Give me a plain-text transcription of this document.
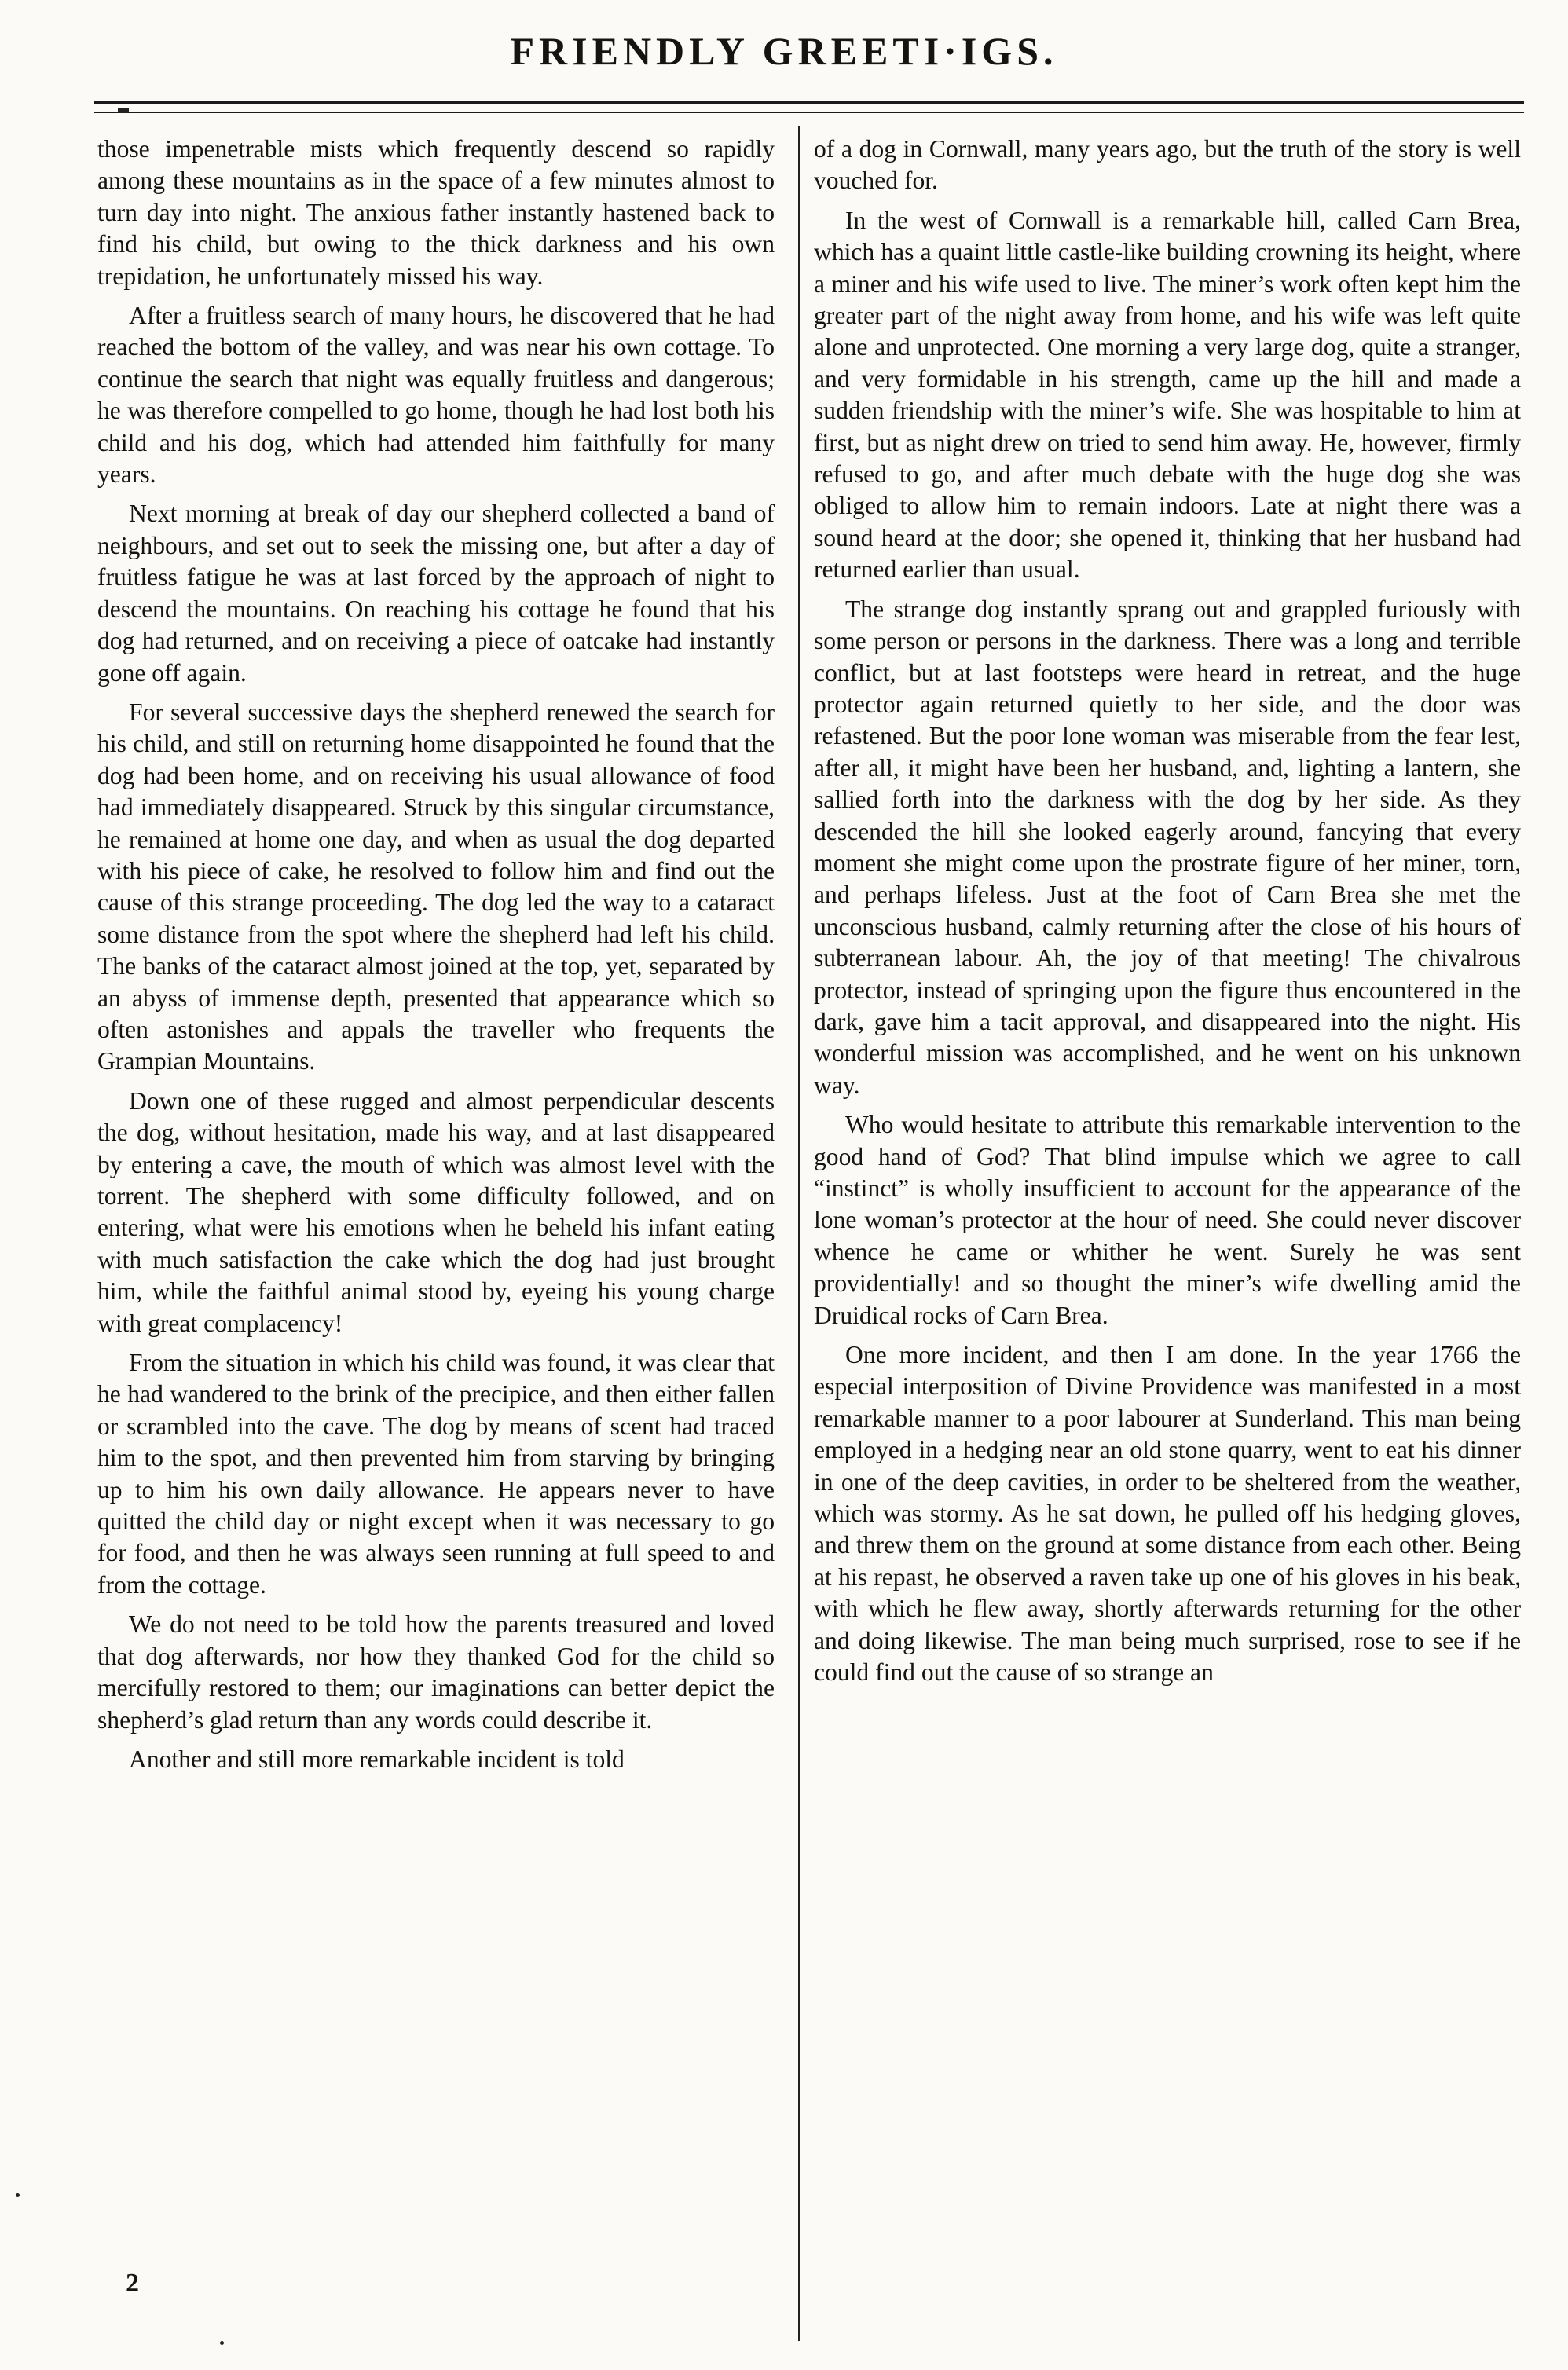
FRIENDLY GREETI·IGS.

those impenetrable mists which frequently descend so rapidly among these mountains as in the space of a few minutes almost to turn day into night. The anxious father instantly hastened back to find his child, but owing to the thick darkness and his own trepidation, he unfortunately missed his way.

After a fruitless search of many hours, he discovered that he had reached the bottom of the valley, and was near his own cottage. To continue the search that night was equally fruitless and dangerous; he was therefore compelled to go home, though he had lost both his child and his dog, which had attended him faithfully for many years.

Next morning at break of day our shepherd collected a band of neighbours, and set out to seek the missing one, but after a day of fruitless fatigue he was at last forced by the approach of night to descend the mountains. On reaching his cottage he found that his dog had returned, and on receiving a piece of oatcake had instantly gone off again.

For several successive days the shepherd renewed the search for his child, and still on returning home disappointed he found that the dog had been home, and on receiving his usual allowance of food had immediately disappeared. Struck by this singular circumstance, he remained at home one day, and when as usual the dog departed with his piece of cake, he resolved to follow him and find out the cause of this strange proceeding. The dog led the way to a cataract some distance from the spot where the shepherd had left his child. The banks of the cataract almost joined at the top, yet, separated by an abyss of immense depth, presented that appearance which so often astonishes and appals the traveller who frequents the Grampian Mountains.

Down one of these rugged and almost perpendicular descents the dog, without hesitation, made his way, and at last disappeared by entering a cave, the mouth of which was almost level with the torrent. The shepherd with some difficulty followed, and on entering, what were his emotions when he beheld his infant eating with much satisfaction the cake which the dog had just brought him, while the faithful animal stood by, eyeing his young charge with great complacency!

From the situation in which his child was found, it was clear that he had wandered to the brink of the precipice, and then either fallen or scrambled into the cave. The dog by means of scent had traced him to the spot, and then prevented him from starving by bringing up to him his own daily allowance. He appears never to have quitted the child day or night except when it was necessary to go for food, and then he was always seen running at full speed to and from the cottage.

We do not need to be told how the parents treasured and loved that dog afterwards, nor how they thanked God for the child so mercifully restored to them; our imaginations can better depict the shepherd’s glad return than any words could describe it.

Another and still more remarkable incident is told

of a dog in Cornwall, many years ago, but the truth of the story is well vouched for.

In the west of Cornwall is a remarkable hill, called Carn Brea, which has a quaint little castle-like building crowning its height, where a miner and his wife used to live. The miner’s work often kept him the greater part of the night away from home, and his wife was left quite alone and unprotected. One morning a very large dog, quite a stranger, and very formidable in his strength, came up the hill and made a sudden friendship with the miner’s wife. She was hospitable to him at first, but as night drew on tried to send him away. He, however, firmly refused to go, and after much debate with the huge dog she was obliged to allow him to remain indoors. Late at night there was a sound heard at the door; she opened it, thinking that her husband had returned earlier than usual.

The strange dog instantly sprang out and grappled furiously with some person or persons in the darkness. There was a long and terrible conflict, but at last footsteps were heard in retreat, and the huge protector again returned quietly to her side, and the door was refastened. But the poor lone woman was miserable from the fear lest, after all, it might have been her husband, and, lighting a lantern, she sallied forth into the darkness with the dog by her side. As they descended the hill she looked eagerly around, fancying that every moment she might come upon the prostrate figure of her miner, torn, and perhaps lifeless. Just at the foot of Carn Brea she met the unconscious husband, calmly returning after the close of his hours of subterranean labour. Ah, the joy of that meeting! The chivalrous protector, instead of springing upon the figure thus encountered in the dark, gave him a tacit approval, and disappeared into the night. His wonderful mission was accomplished, and he went on his unknown way.

Who would hesitate to attribute this remarkable intervention to the good hand of God? That blind impulse which we agree to call “instinct” is wholly insufficient to account for the appearance of the lone woman’s protector at the hour of need. She could never discover whence he came or whither he went. Surely he was sent providentially! and so thought the miner’s wife dwelling amid the Druidical rocks of Carn Brea.

One more incident, and then I am done. In the year 1766 the especial interposition of Divine Providence was manifested in a most remarkable manner to a poor labourer at Sunderland. This man being employed in a hedging near an old stone quarry, went to eat his dinner in one of the deep cavities, in order to be sheltered from the weather, which was stormy. As he sat down, he pulled off his hedging gloves, and threw them on the ground at some distance from each other. Being at his repast, he observed a raven take up one of his gloves in his beak, with which he flew away, shortly afterwards returning for the other and doing likewise. The man being much surprised, rose to see if he could find out the cause of so strange an

2
